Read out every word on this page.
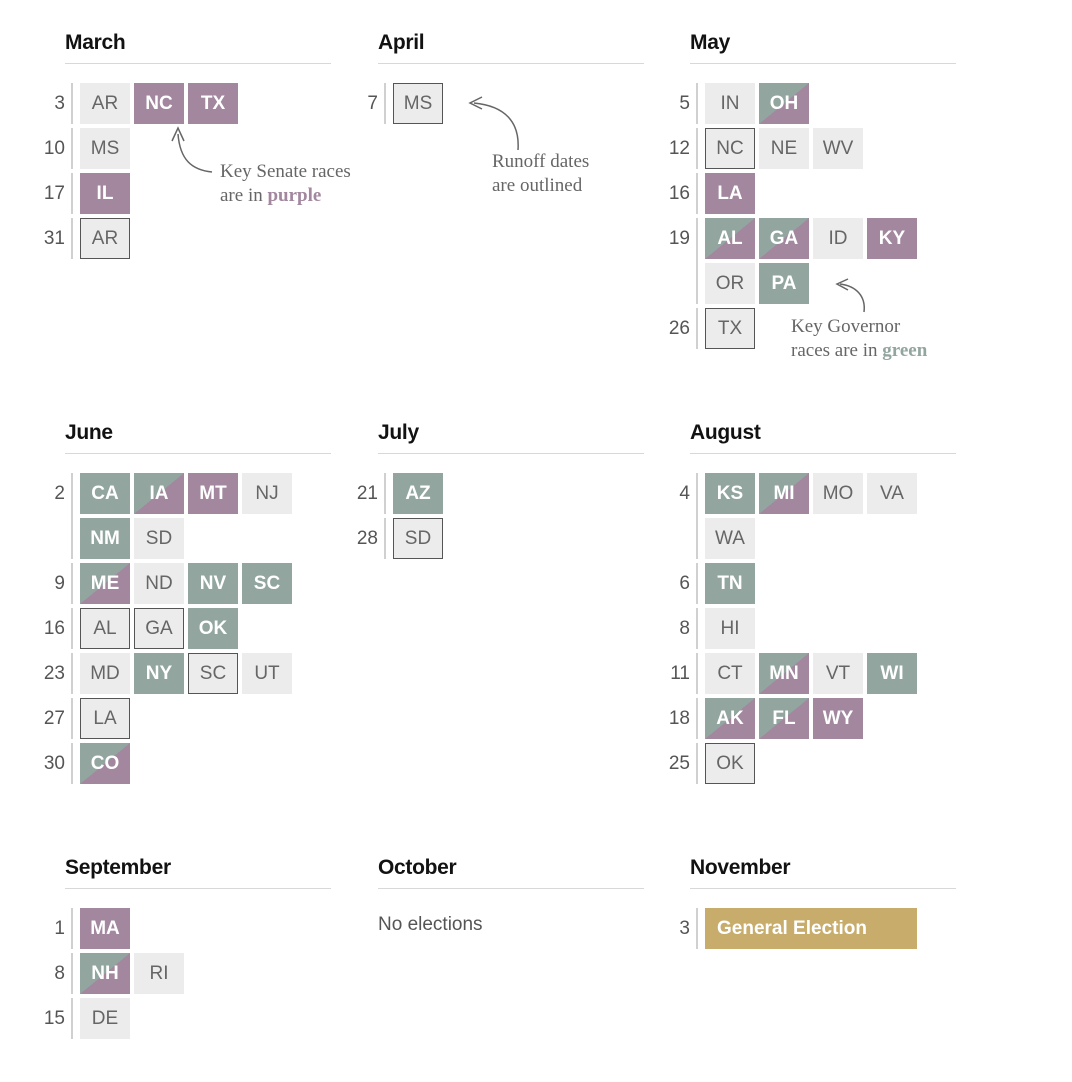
March
3	AR NC TX
10	MS
17	IL
31	AR
April
7	MS
May
5	IN OH
12	NC NE WV
16	LA
19	AL GA ID KY
OR PA
26	TX
June
2	CA IA MT NJ
NM SD
9	ME ND NV SC
16	AL GA OK
23	MD NY SC UT
27	LA
30	CO
July
21	AZ
28	SD
August
4	KS MI MO VA
WA
6	TN
8	HI
11	CT MN VT WI
18	AK FL WY
25	OK
September
1	MA
8	NH RI
15	DE
October
No elections
November
3	General Election
Key Senate races
are in purple
Runoff dates
are outlined
Key Governor
races are in green
